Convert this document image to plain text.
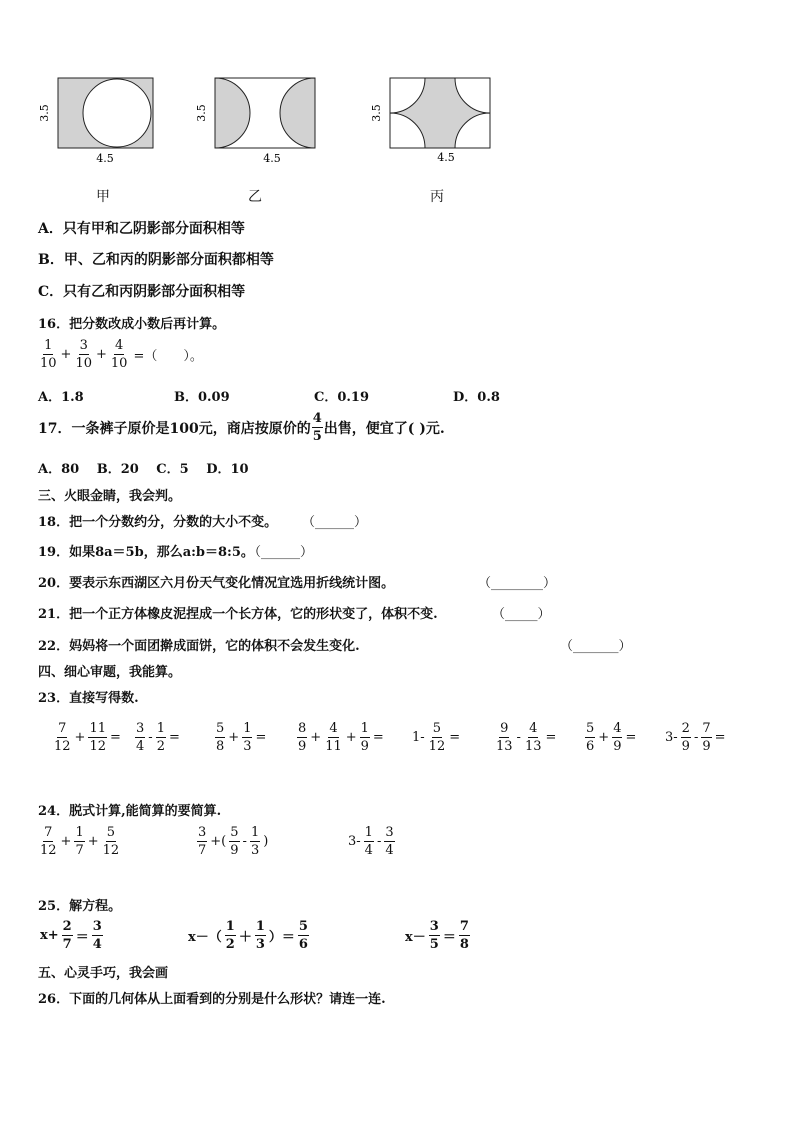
3.5
4.5
3.5
4.5
3.5
4.5
甲	乙	丙
A．只有甲和乙阴影部分面积相等
B．甲、乙和丙的阴影部分面积都相等
C．只有乙和丙阴影部分面积相等
16．把分数改成小数后再计算。
$\frac{1}{10} + \frac{3}{10} + \frac{4}{10}$ =（　　）。
A．1.8	B．0.09	C．0.19	D．0.8
17．一条裤子原价是100元，商店按原价的 $\frac{4}{5}$ 出售，便宜了( )元.
A．80　 B．20　 C．5　 D．10
三、火眼金睛，我会判。
18．把一个分数约分，分数的大小不变。 （______）
19．如果8a＝5b，那么a:b＝8:5。
（______）
20．要表示东西湖区六月份天气变化情况宜选用折线统计图。	（________）
21．把一个正方体橡皮泥捏成一个长方体，它的形状变了，体积不变.	（_____）
22．妈妈将一个面团擀成面饼，它的体积不会发生变化.	（_______）
四、细心审题，我能算。
23．直接写得数.
$\frac{7}{12} + \frac{11}{12} = \frac{3}{4} - \frac{1}{2}$ =	$\frac{5}{8} + \frac{1}{3} = \frac{8}{9} + \frac{4}{11} + \frac{1}{9} = 1- \frac{5}{12}$ =	$\frac{9}{13} - \frac{4}{13} = \frac{5}{6} + \frac{4}{9} = 3- \frac{2}{9} - \frac{7}{9}$ =
24．脱式计算,能简算的要简算.
$\frac{7}{12} + \frac{1}{7} + \frac{5}{12}$	$\frac{3}{7}$ +( $\frac{5}{9} - \frac{1}{3}$ )	$3- \frac{1}{4} - \frac{3}{4}$
25．解方程。
$x+ \frac{2}{7} = \frac{3}{4}$	$x-( \frac{1}{2} + \frac{1}{3}$ ）＝ $\frac{5}{6}$	$x- \frac{3}{5} = \frac{7}{8}$
五、心灵手巧，我会画
26．下面的几何体从上面看到的分别是什么形状？请连一连.
